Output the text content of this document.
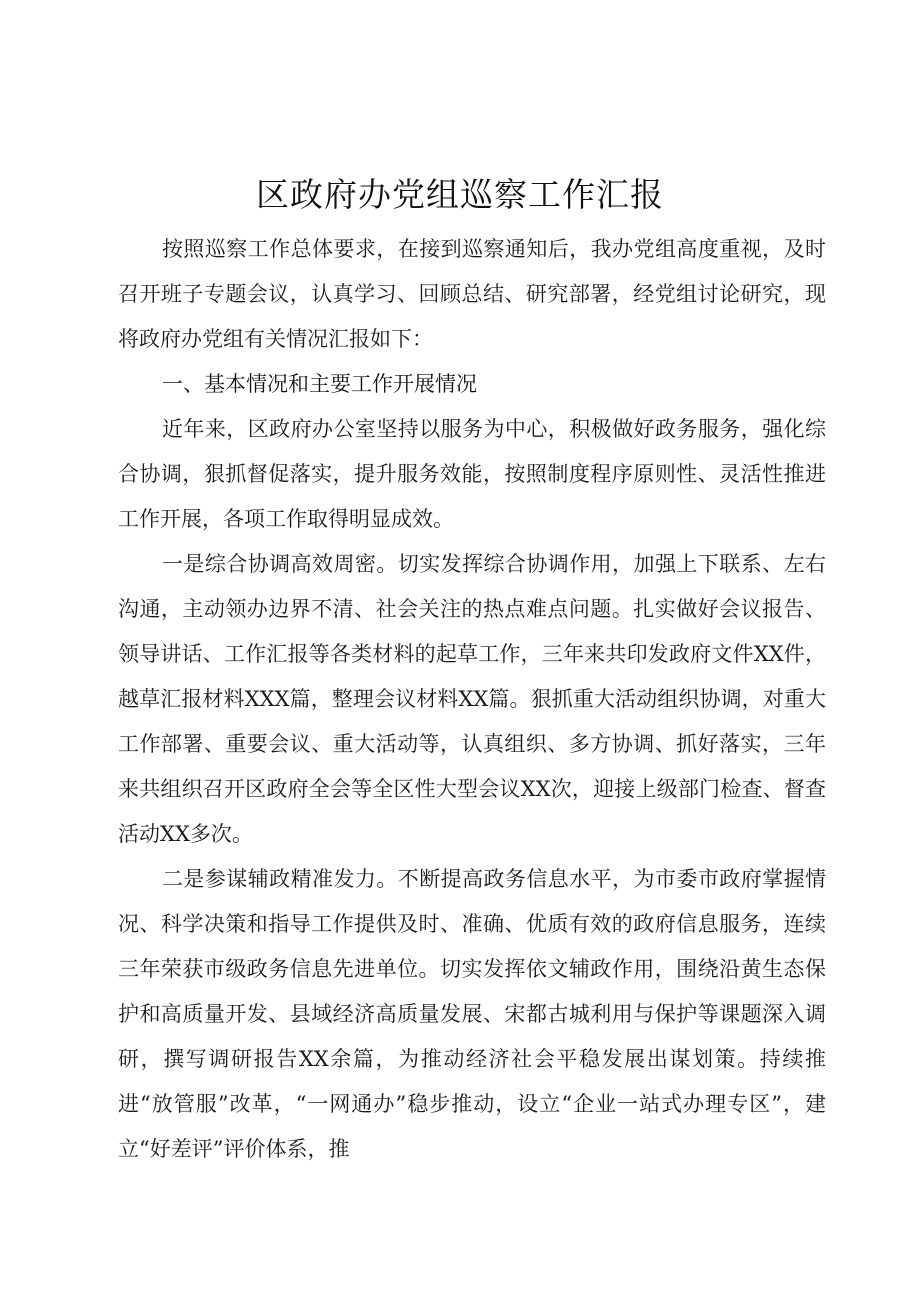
区政府办党组巡察工作汇报

按照巡察工作总体要求，在接到巡察通知后，我办党组高度重视，及时召开班子专题会议，认真学习、回顾总结、研究部署，经党组讨论研究，现将政府办党组有关情况汇报如下：

一、基本情况和主要工作开展情况

近年来，区政府办公室坚持以服务为中心，积极做好政务服务，强化综合协调，狠抓督促落实，提升服务效能，按照制度程序原则性、灵活性推进工作开展，各项工作取得明显成效。

一是综合协调高效周密。切实发挥综合协调作用，加强上下联系、左右沟通，主动领办边界不清、社会关注的热点难点问题。扎实做好会议报告、领导讲话、工作汇报等各类材料的起草工作，三年来共印发政府文件XX件，越草汇报材料XXX篇，整理会议材料XX篇。狠抓重大活动组织协调，对重大工作部署、重要会议、重大活动等，认真组织、多方协调、抓好落实，三年来共组织召开区政府全会等全区性大型会议XX次，迎接上级部门检查、督查活动XX多次。

二是参谋辅政精准发力。不断提高政务信息水平，为市委市政府掌握情况、科学决策和指导工作提供及时、准确、优质有效的政府信息服务，连续三年荣获市级政务信息先进单位。切实发挥依文辅政作用，围绕沿黄生态保护和高质量开发、县域经济高质量发展、宋都古城利用与保护等课题深入调研，撰写调研报告XX余篇，为推动经济社会平稳发展出谋划策。持续推进“放管服”改革，“一网通办”稳步推动，设立“企业一站式办理专区”，建立“好差评”评价体系，推
